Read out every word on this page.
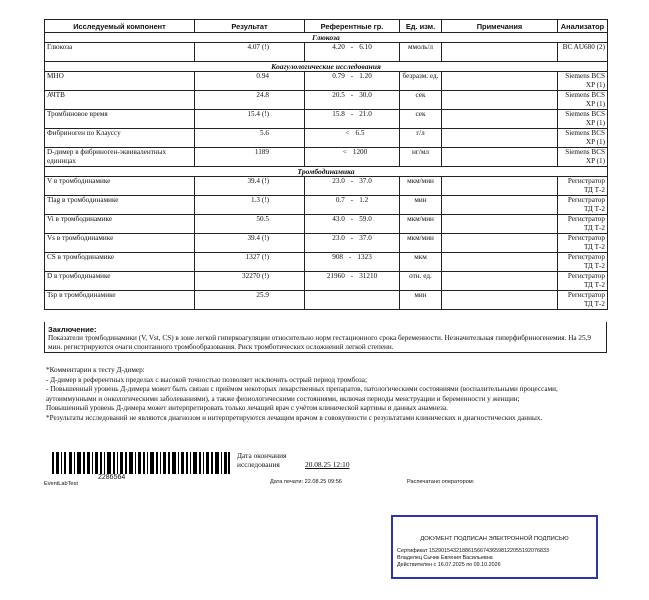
Исследуемый компонент	Результат	Референтные гр.	Ед. изм.	Примечания	Анализатор
Глюкоза					
Глюкоза	4.07 (!)	4.20 - 6.10	ммоль/л		BC AU680 (2)
Коагулологические исследования					
МНО	0.94	0.79 - 1.20	безразм. ед.		Siemens BCS XP (1)
АЧТВ	24.8	20.5 - 30.0	сек		Siemens BCS XP (1)
Тромбиновое время	15.4 (!)	15.8 - 21.0	сек		Siemens BCS XP (1)
Фибриноген по Клауссу	5.6	< 6.5	г/л		Siemens BCS XP (1)
D-димер в фибриноген-эквивалентных единицах	1189	< 1200	нг/мл		Siemens BCS XP (1)
Тромбодинамика					
V в тромбодинамике	39.4 (!)	23.0 - 37.0	мкм/мин		Регистратор ТД Т-2
Tlag в тромбодинамике	1.3 (!)	0.7 - 1.2	мин		Регистратор ТД Т-2
Vi в тромбодинамике	50.5	43.0 - 59.0	мкм/мин		Регистратор ТД Т-2
Vs в тромбодинамике	39.4 (!)	23.0 - 37.0	мкм/мин		Регистратор ТД Т-2
CS в тромбодинамике	1327 (!)	908 - 1323	мкм		Регистратор ТД Т-2
D в тромбодинамике	32270 (!)	21960 - 31210	отн. ед.		Регистратор ТД Т-2
Tsp в тромбодинамике	25.9		мин		Регистратор ТД Т-2
Заключение:
Показатели тромбодинамики (V, Vst, CS) в зоне легкой гиперкоагуляции относительно норм гестационного срока беременности. Незначительная гиперфибриногенемия. На 25,9 мин. регистрируются очаги спонтанного тромбообразования. Риск тромботических осложнений легкой степени.
*Комментарии к тесту Д-димер:
- Д-димер в референтных пределах с высокой точностью позволяет исключить острый период тромбоза;
- Повышенный уровень Д-димера может быть связан с приёмом некоторых лекарственных препаратов, патологическими состояниями (воспалительными процессами, аутоиммунными и онкологическими заболеваниями), а также физиологическими состояниями, включая периоды менструации и беременности у женщин;
Повышенный уровень Д-димера может интерпретировать только лечащий врач с учётом клинической картины и данных анамнеза.
*Результаты исследований не являются диагнозом и интерпретируются лечащим врачом в совокупности с результатами клинических и диагностических данных.
2286564
Дата окончания исследования	20.08.25 12:10
EventLabTest	Дата печати: 22.08.25 09:56	Распечатано оператором:
ДОКУМЕНТ ПОДПИСАН ЭЛЕКТРОННОЙ ПОДПИСЬЮ
Сертификат 1529015432188615667436598122055192076833
Владелец Сычик Евгения Васильевна
Действителен с 16.07.2025 по 09.10.2026
